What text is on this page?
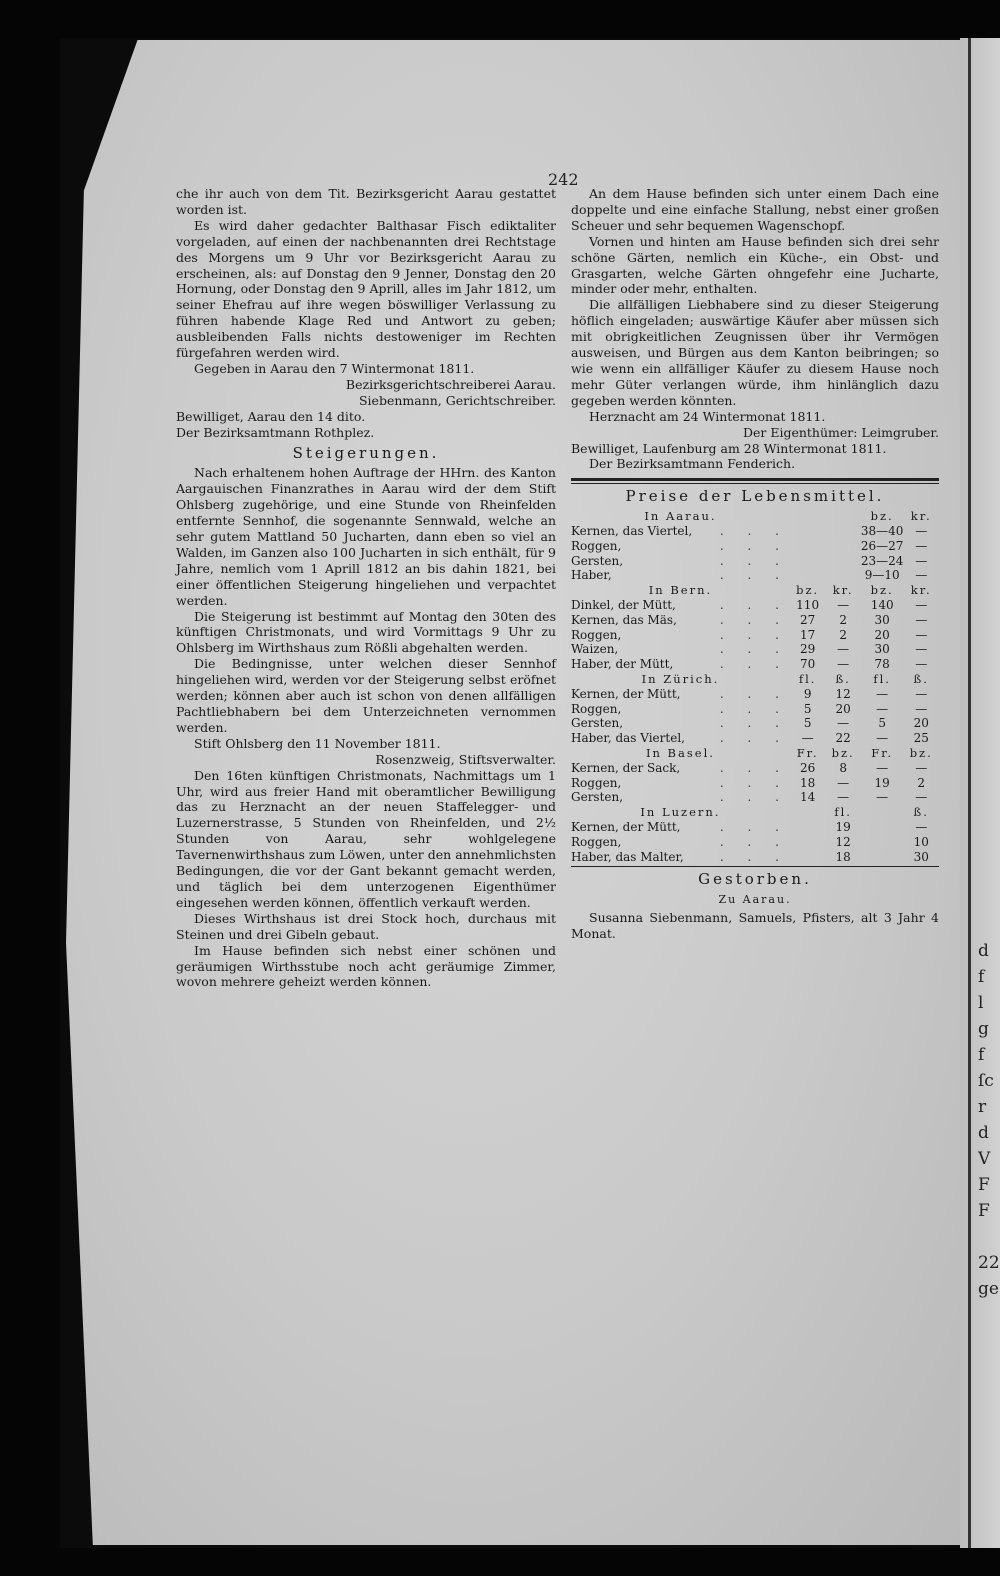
d
f
l
g
f
ſc
r
d
V
F
F

22
ge
242

che ihr auch von dem Tit. Bezirksgericht Aarau gestattet worden ist.

Es wird daher gedachter Balthasar Fisch ediktaliter vorgeladen, auf einen der nachbenannten drei Rechtstage des Morgens um 9 Uhr vor Bezirksgericht Aarau zu erscheinen, als: auf Donstag den 9 Jenner, Donstag den 20 Hornung, oder Donstag den 9 Aprill, alles im Jahr 1812, um seiner Ehefrau auf ihre wegen böswilliger Verlassung zu führen habende Klage Red und Antwort zu geben; ausbleibenden Falls nichts destoweniger im Rechten fürgefahren werden wird.

Gegeben in Aarau den 7 Wintermonat 1811.

Bezirksgerichtschreiberei Aarau.

Siebenmann, Gerichtschreiber.

Bewilliget, Aarau den 14 dito.

Der Bezirksamtmann Rothplez.

Steigerungen.

Nach erhaltenem hohen Auftrage der HHrn. des Kanton Aargauischen Finanzrathes in Aarau wird der dem Stift Ohlsberg zugehörige, und eine Stunde von Rheinfelden entfernte Sennhof, die sogenannte Sennwald, welche an sehr gutem Mattland 50 Jucharten, dann eben so viel an Walden, im Ganzen also 100 Jucharten in sich enthält, für 9 Jahre, nemlich vom 1 Aprill 1812 an bis dahin 1821, bei einer öffentlichen Steigerung hingeliehen und verpachtet werden.

Die Steigerung ist bestimmt auf Montag den 30ten des künftigen Christmonats, und wird Vormittags 9 Uhr zu Ohlsberg im Wirthshaus zum Rößli abgehalten werden.

Die Bedingnisse, unter welchen dieser Sennhof hingeliehen wird, werden vor der Steigerung selbst eröfnet werden; können aber auch ist schon von denen allfälligen Pachtliebhabern bei dem Unterzeichneten vernommen werden.

Stift Ohlsberg den 11 November 1811.

Rosenzweig, Stiftsverwalter.

Den 16ten künftigen Christmonats, Nachmittags um 1 Uhr, wird aus freier Hand mit oberamtlicher Bewilligung das zu Herznacht an der neuen Staffelegger- und Luzernerstrasse, 5 Stunden von Rheinfelden, und 2½ Stunden von Aarau, sehr wohlgelegene Tavernenwirthshaus zum Löwen, unter den annehmlichsten Bedingungen, die vor der Gant bekannt gemacht werden, und täglich bei dem unterzogenen Eigenthümer eingesehen werden können, öffentlich verkauft werden.

Dieses Wirthshaus ist drei Stock hoch, durchaus mit Steinen und drei Gibeln gebaut.

Im Hause befinden sich nebst einer schönen und geräumigen Wirthsstube noch acht geräumige Zimmer, wovon mehrere geheizt werden können.

An dem Hause befinden sich unter einem Dach eine doppelte und eine einfache Stallung, nebst einer großen Scheuer und sehr bequemen Wagenschopf.

Vornen und hinten am Hause befinden sich drei sehr schöne Gärten, nemlich ein Küche-, ein Obst- und Grasgarten, welche Gärten ohngefehr eine Jucharte, minder oder mehr, enthalten.

Die allfälligen Liebhabere sind zu dieser Steigerung höflich eingeladen; auswärtige Käufer aber müssen sich mit obrigkeitlichen Zeugnissen über ihr Vermögen ausweisen, und Bürgen aus dem Kanton beibringen; so wie wenn ein allfälliger Käufer zu diesem Hause noch mehr Güter verlangen würde, ihm hinlänglich dazu gegeben werden könnten.

Herznacht am 24 Wintermonat 1811.

Der Eigenthümer: Leimgruber.

Bewilliget, Laufenburg am 28 Wintermonat 1811.

Der Bezirksamtmann Fenderich.

Preise der Lebensmittel.
In Aarau.				bz.	kr.
Kernen, das Viertel,	. . .			38—40	—
Roggen,	. . .			26—27	—
Gersten,	. . .			23—24	—
Haber,	. . .			9—10	—
In Bern.		bz.	kr.	bz.	kr.
Dinkel, der Mütt,	. . .	110	—	140	—
Kernen, das Mäs,	. . .	27	2	30	—
Roggen,	. . .	17	2	20	—
Waizen,	. . .	29	—	30	—
Haber, der Mütt,	. . .	70	—	78	—
In Zürich.		fl.	ß.	fl.	ß.
Kernen, der Mütt,	. . .	9	12	—	—
Roggen,	. . .	5	20	—	—
Gersten,	. . .	5	—	5	20
Haber, das Viertel,	. . .	—	22	—	25
In Basel.		Fr.	bz.	Fr.	bz.
Kernen, der Sack,	. . .	26	8	—	—
Roggen,	. . .	18	—	19	2
Gersten,	. . .	14	—	—	—
In Luzern.			fl.		ß.
Kernen, der Mütt,	. . .		19		—
Roggen,	. . .		12		10
Haber, das Malter,	. . .		18		30
Gestorben.
Zu Aarau.

Susanna Siebenmann, Samuels, Pfisters, alt 3 Jahr 4 Monat.
